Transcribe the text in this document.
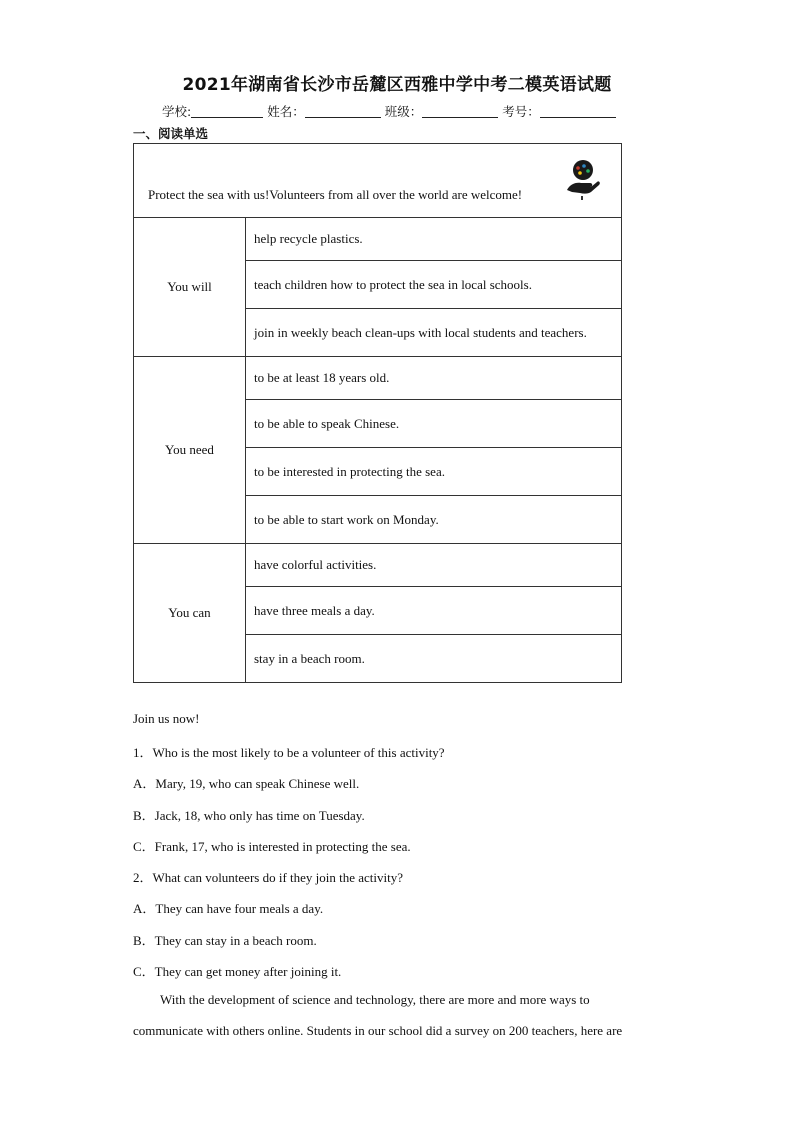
2021年湖南省长沙市岳麓区西雅中学中考二模英语试题
学校:	姓名：	班级：	考号：
一、阅读单选
Protect the sea with us!Volunteers from all over the world are welcome!	

You will	help recycle plastics.
	teach children how to protect the sea in local schools.
	join in weekly beach clean-ups with local students and teachers.
You need	to be at least 18 years old.
	to be able to speak Chinese.
	to be interested in protecting the sea.
	to be able to start work on Monday.
You can	have colorful activities.
	have three meals a day.
	stay in a beach room.

Join us now!

1．Who is the most likely to be a volunteer of this activity?

A．Mary, 19, who can speak Chinese well.

B．Jack, 18, who only has time on Tuesday.

C．Frank, 17, who is interested in protecting the sea.

2．What can volunteers do if they join the activity?

A．They can have four meals a day.

B．They can stay in a beach room.

C．They can get money after joining it.

With the development of science and technology, there are more and more ways to

communicate with others online. Students in our school did a survey on 200 teachers, here are
